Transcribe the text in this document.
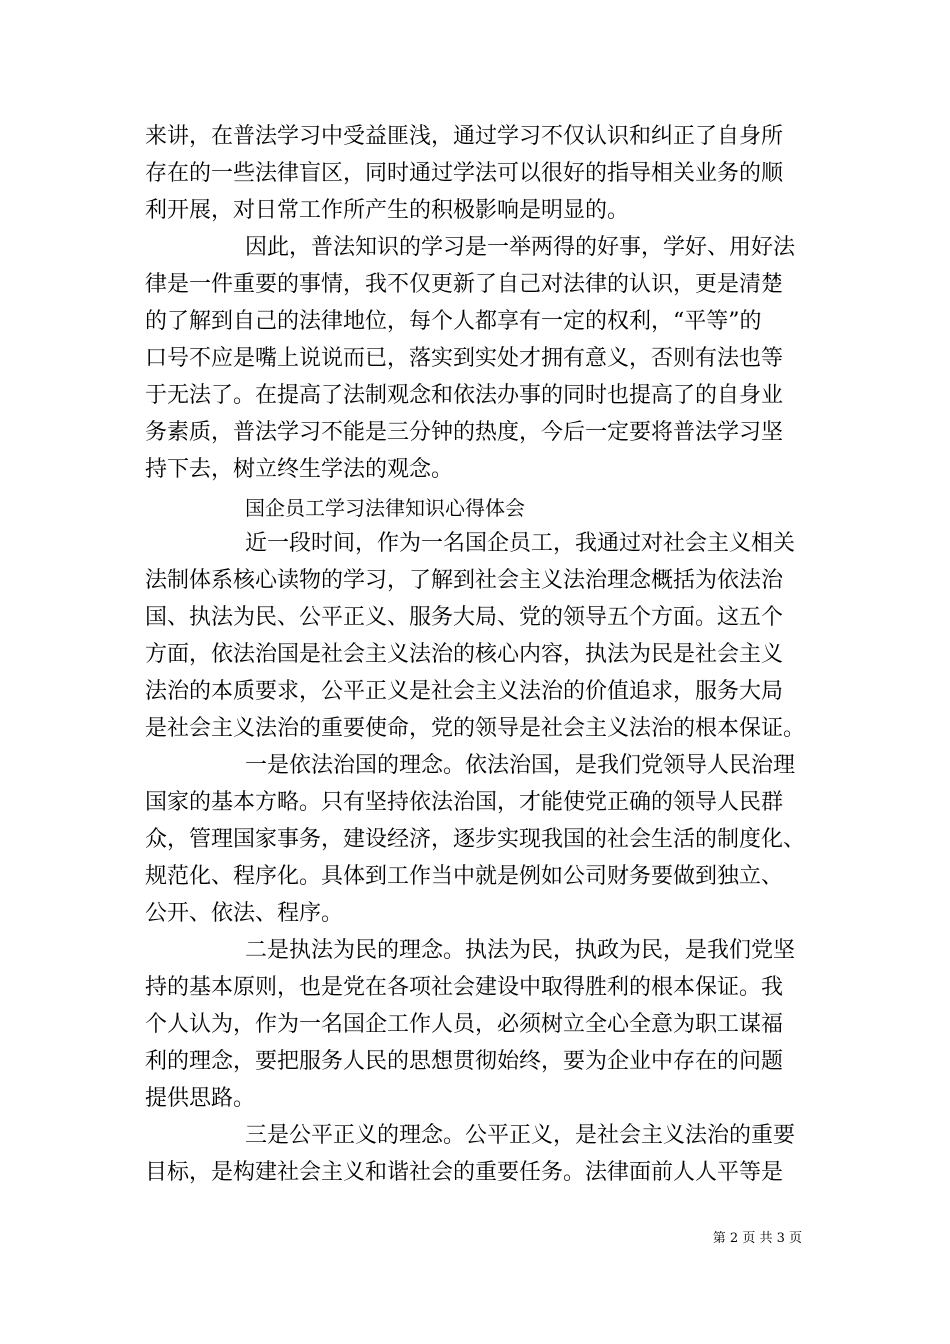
来讲，在普法学习中受益匪浅，通过学习不仅认识和纠正了自身所

存在的一些法律盲区，同时通过学法可以很好的指导相关业务的顺

利开展，对日常工作所产生的积极影响是明显的。

因此，普法知识的学习是一举两得的好事，学好、用好法

律是一件重要的事情，我不仅更新了自己对法律的认识，更是清楚

的了解到自己的法律地位，每个人都享有一定的权利，“平等”的

口号不应是嘴上说说而已，落实到实处才拥有意义，否则有法也等

于无法了。在提高了法制观念和依法办事的同时也提高了的自身业

务素质，普法学习不能是三分钟的热度，今后一定要将普法学习坚

持下去，树立终生学法的观念。

国企员工学习法律知识心得体会

近一段时间，作为一名国企员工，我通过对社会主义相关

法制体系核心读物的学习，了解到社会主义法治理念概括为依法治

国、执法为民、公平正义、服务大局、党的领导五个方面。这五个

方面，依法治国是社会主义法治的核心内容，执法为民是社会主义

法治的本质要求，公平正义是社会主义法治的价值追求，服务大局

是社会主义法治的重要使命，党的领导是社会主义法治的根本保证。

一是依法治国的理念。依法治国，是我们党领导人民治理

国家的基本方略。只有坚持依法治国，才能使党正确的领导人民群

众，管理国家事务，建设经济，逐步实现我国的社会生活的制度化、

规范化、程序化。具体到工作当中就是例如公司财务要做到独立、

公开、依法、程序。

二是执法为民的理念。执法为民，执政为民，是我们党坚

持的基本原则，也是党在各项社会建设中取得胜利的根本保证。我

个人认为，作为一名国企工作人员，必须树立全心全意为职工谋福

利的理念，要把服务人民的思想贯彻始终，要为企业中存在的问题

提供思路。

三是公平正义的理念。公平正义，是社会主义法治的重要

目标，是构建社会主义和谐社会的重要任务。法律面前人人平等是

第 2 页 共 3 页
